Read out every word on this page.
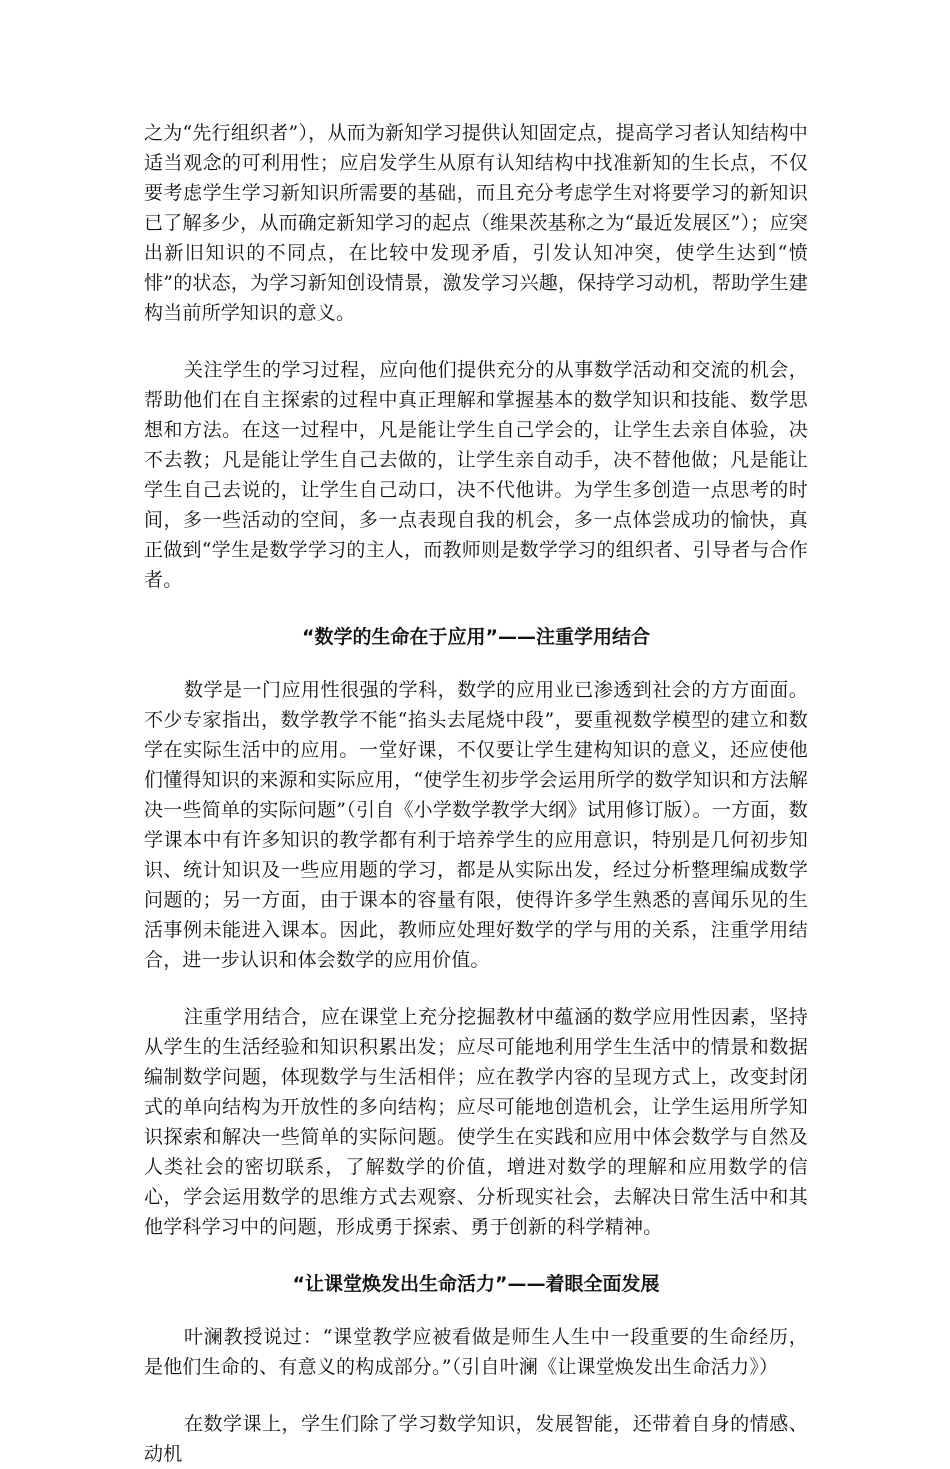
之为“先行组织者”），从而为新知学习提供认知固定点，提高学习者认知结构中适当观念的可利用性；应启发学生从原有认知结构中找准新知的生长点，不仅要考虑学生学习新知识所需要的基础，而且充分考虑学生对将要学习的新知识已了解多少，从而确定新知学习的起点（维果茨基称之为“最近发展区”）；应突出新旧知识的不同点，在比较中发现矛盾，引发认知冲突，使学生达到“愤悱”的状态，为学习新知创设情景，激发学习兴趣，保持学习动机，帮助学生建构当前所学知识的意义。

关注学生的学习过程，应向他们提供充分的从事数学活动和交流的机会，帮助他们在自主探索的过程中真正理解和掌握基本的数学知识和技能、数学思想和方法。在这一过程中，凡是能让学生自己学会的，让学生去亲自体验，决不去教；凡是能让学生自己去做的，让学生亲自动手，决不替他做；凡是能让学生自己去说的，让学生自己动口，决不代他讲。为学生多创造一点思考的时间，多一些活动的空间，多一点表现自我的机会，多一点体尝成功的愉快，真正做到“学生是数学学习的主人，而教师则是数学学习的组织者、引导者与合作者。

“数学的生命在于应用”——注重学用结合

数学是一门应用性很强的学科，数学的应用业已渗透到社会的方方面面。不少专家指出，数学教学不能“掐头去尾烧中段”，要重视数学模型的建立和数学在实际生活中的应用。一堂好课，不仅要让学生建构知识的意义，还应使他们懂得知识的来源和实际应用，“使学生初步学会运用所学的数学知识和方法解决一些简单的实际问题”（引自《小学数学教学大纲》试用修订版）。一方面，数学课本中有许多知识的教学都有利于培养学生的应用意识，特别是几何初步知识、统计知识及一些应用题的学习，都是从实际出发，经过分析整理编成数学问题的；另一方面，由于课本的容量有限，使得许多学生熟悉的喜闻乐见的生活事例未能进入课本。因此，教师应处理好数学的学与用的关系，注重学用结合，进一步认识和体会数学的应用价值。

注重学用结合，应在课堂上充分挖掘教材中蕴涵的数学应用性因素，坚持从学生的生活经验和知识积累出发；应尽可能地利用学生生活中的情景和数据编制数学问题，体现数学与生活相伴；应在教学内容的呈现方式上，改变封闭式的单向结构为开放性的多向结构；应尽可能地创造机会，让学生运用所学知识探索和解决一些简单的实际问题。使学生在实践和应用中体会数学与自然及人类社会的密切联系，了解数学的价值，增进对数学的理解和应用数学的信心，学会运用数学的思维方式去观察、分析现实社会，去解决日常生活中和其他学科学习中的问题，形成勇于探索、勇于创新的科学精神。

“让课堂焕发出生命活力”——着眼全面发展

叶澜教授说过：“课堂教学应被看做是师生人生中一段重要的生命经历，是他们生命的、有意义的构成部分。”（引自叶澜《让课堂焕发出生命活力》）

在数学课上，学生们除了学习数学知识，发展智能，还带着自身的情感、动机
